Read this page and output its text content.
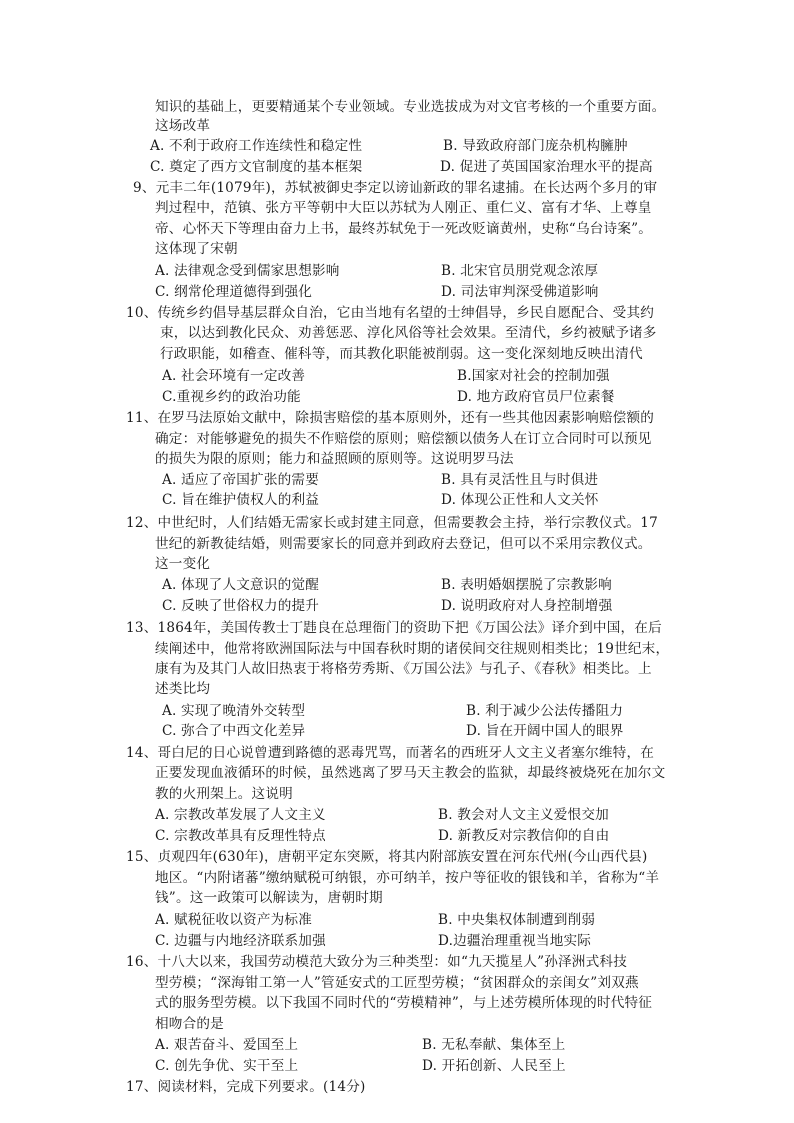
知识的基础上，更要精通某个专业领域。专业选拔成为对文官考核的一个重要方面。
这场改革
A. 不利于政府工作连续性和稳定性	B. 导致政府部门庞杂机构臃肿
C. 奠定了西方文官制度的基本框架	D. 促进了英国国家治理水平的提高
9、元丰二年(1079年)，苏轼被御史李定以谤讪新政的罪名逮捕。在长达两个多月的审
判过程中，范镇、张方平等朝中大臣以苏轼为人刚正、重仁义、富有才华、上尊皇
帝、心怀天下等理由奋力上书，最终苏轼免于一死改贬谪黄州，史称“乌台诗案”。
这体现了宋朝
A. 法律观念受到儒家思想影响	B. 北宋官员朋党观念浓厚
C. 纲常伦理道德得到强化	D. 司法审判深受佛道影响
10、传统乡约倡导基层群众自治，它由当地有名望的士绅倡导，乡民自愿配合、受其约
束，以达到教化民众、劝善惩恶、淳化风俗等社会效果。至清代，乡约被赋予诸多
行政职能，如稽查、催科等，而其教化职能被削弱。这一变化深刻地反映出清代
A. 社会环境有一定改善	B.国家对社会的控制加强
C.重视乡约的政治功能	D. 地方政府官员尸位素餐
11、在罗马法原始文献中，除损害赔偿的基本原则外，还有一些其他因素影响赔偿额的
确定：对能够避免的损失不作赔偿的原则；赔偿额以债务人在订立合同时可以预见
的损失为限的原则；能力和益照顾的原则等。这说明罗马法
A. 适应了帝国扩张的需要	B. 具有灵活性且与时俱进
C. 旨在维护债权人的利益	D. 体现公正性和人文关怀
12、中世纪时，人们结婚无需家长或封建主同意，但需要教会主持，举行宗教仪式。17
世纪的新教徒结婚，则需要家长的同意并到政府去登记，但可以不采用宗教仪式。
这一变化
A. 体现了人文意识的觉醒	B. 表明婚姻摆脱了宗教影响
C. 反映了世俗权力的提升	D. 说明政府对人身控制增强
13、1864年，美国传教士丁韪良在总理衙门的资助下把《万国公法》译介到中国，在后
续阐述中，他常将欧洲国际法与中国春秋时期的诸侯间交往规则相类比；19世纪末，
康有为及其门人故旧热衷于将格劳秀斯、《万国公法》与孔子、《春秋》相类比。上
述类比均
A. 实现了晚清外交转型	B. 利于减少公法传播阻力
C. 弥合了中西文化差异	D. 旨在开阔中国人的眼界
14、哥白尼的日心说曾遭到路德的恶毒咒骂，而著名的西班牙人文主义者塞尔维特，在
正要发现血液循环的时候，虽然逃离了罗马天主教会的监狱，却最终被烧死在加尔文
教的火刑架上。这说明
A. 宗教改革发展了人文主义	B. 教会对人文主义爱恨交加
C. 宗教改革具有反理性特点	D. 新教反对宗教信仰的自由
15、贞观四年(630年)，唐朝平定东突厥，将其内附部族安置在河东代州(今山西代县)
地区。“内附诸蕃”缴纳赋税可纳银，亦可纳羊，按户等征收的银钱和羊，省称为“羊
钱”。这一政策可以解读为，唐朝时期
A. 赋税征收以资产为标准	B. 中央集权体制遭到削弱
C. 边疆与内地经济联系加强	D.边疆治理重视当地实际
16、十八大以来，我国劳动模范大致分为三种类型：如“九天揽星人”孙泽洲式科技
型劳模；“深海钳工第一人”管延安式的工匠型劳模；“贫困群众的亲闺女”刘双燕
式的服务型劳模。以下我国不同时代的“劳模精神”，与上述劳模所体现的时代特征
相吻合的是
A. 艰苦奋斗、爱国至上	B. 无私奉献、集体至上
C. 创先争优、实干至上	D. 开拓创新、人民至上
17、阅读材料，完成下列要求。(14分)
